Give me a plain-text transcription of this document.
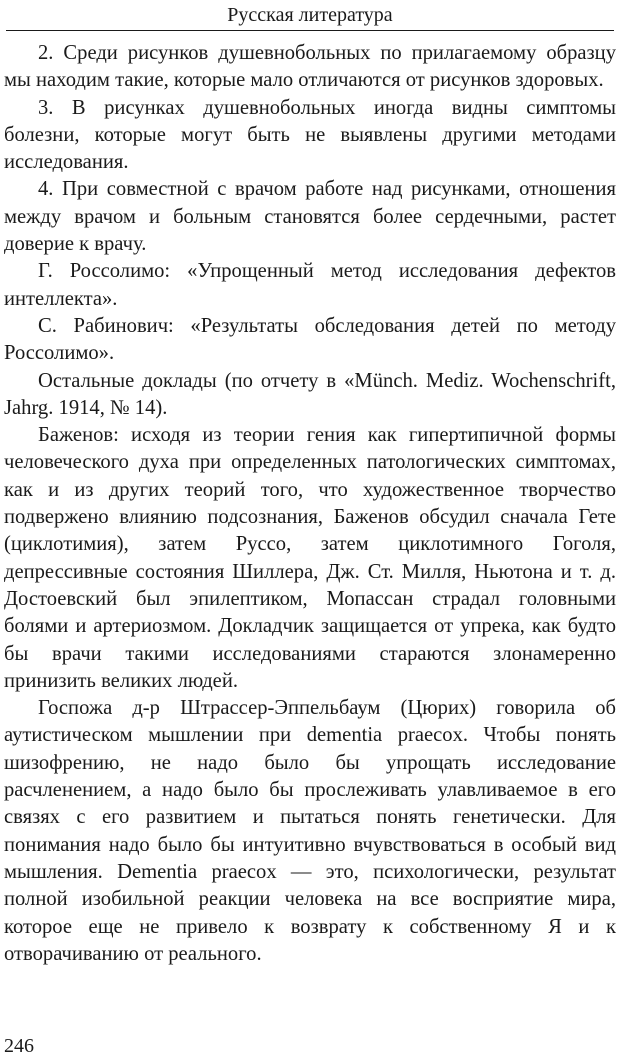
Русская литература

2. Среди рисунков душевнобольных по прилагаемому образцу мы находим такие, которые мало отличаются от рисунков здоровых.

3. В рисунках душевнобольных иногда видны симптомы болезни, которые могут быть не выявлены другими методами исследования.

4. При совместной с врачом работе над рисунками, отношения между врачом и больным становятся более сердечными, растет доверие к врачу.

Г. Россолимо: «Упрощенный метод исследования дефектов интеллекта».

С. Рабинович: «Результаты обследования детей по методу Россолимо».

Остальные доклады (по отчету в «Münch. Mediz. Wochenschrift, Jahrg. 1914, № 14).

Баженов: исходя из теории гения как гипертипичной формы человеческого духа при определенных патологических симптомах, как и из других теорий того, что художественное творчество подвержено влиянию подсознания, Баженов обсудил сначала Гете (циклотимия), затем Руссо, затем циклотимного Гоголя, депрессивные состояния Шиллера, Дж. Ст. Милля, Ньютона и т. д. Достоевский был эпилептиком, Мопассан страдал головными болями и артериозмом. Докладчик защищается от упрека, как будто бы врачи такими исследованиями стараются злонамеренно принизить великих людей.

Госпожа д-р Штрассер-Эппельбаум (Цюрих) говорила об аутистическом мышлении при dementia praecox. Чтобы понять шизофрению, не надо было бы упрощать исследование расчленением, а надо было бы прослеживать улавливаемое в его связях с его развитием и пытаться понять генетически. Для понимания надо было бы интуитивно вчувствоваться в особый вид мышления. Dementia praecox — это, психологически, результат полной изобильной реакции человека на все восприятие мира, которое еще не привело к возврату к собственному Я и к отворачиванию от реального.

246
